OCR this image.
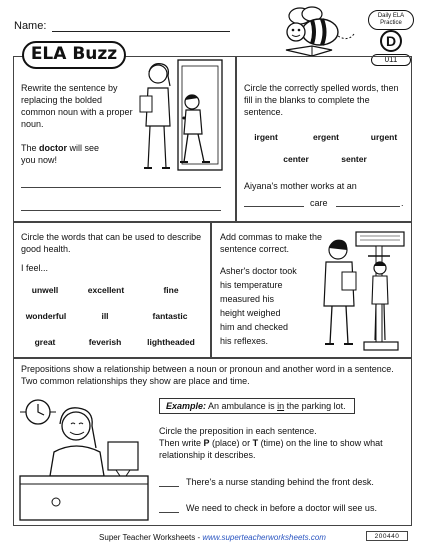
Name:
Daily ELA Practice
D
011
ELA Buzz
Rewrite the sentence by replacing the bolded common noun with a proper noun.
The doctor will see you now!
Circle the correctly spelled words, then fill in the blanks to complete the sentence.
irgent	ergent	urgent
center	senter
Aiyana's mother works at an
care	.
Circle the words that can be used to describe good health.
I feel...
unwell	excellent	fine
wonderful	ill	fantastic
great	feverish	lightheaded
Add commas to make the sentence correct.
Asher's doctor took
his temperature
measured his
height weighed
him and checked
his reflexes.
Prepositions show a relationship between a noun or pronoun and another word in a sentence. Two common relationships they show are place and time.
Example: An ambulance is in the parking lot.
Circle the preposition in each sentence.
Then write P (place) or T (time) on the line to show what relationship it describes.
There's a nurse standing behind the front desk.
We need to check in before a doctor will see us.
Super Teacher Worksheets - www.superteacherworksheets.com	200440
